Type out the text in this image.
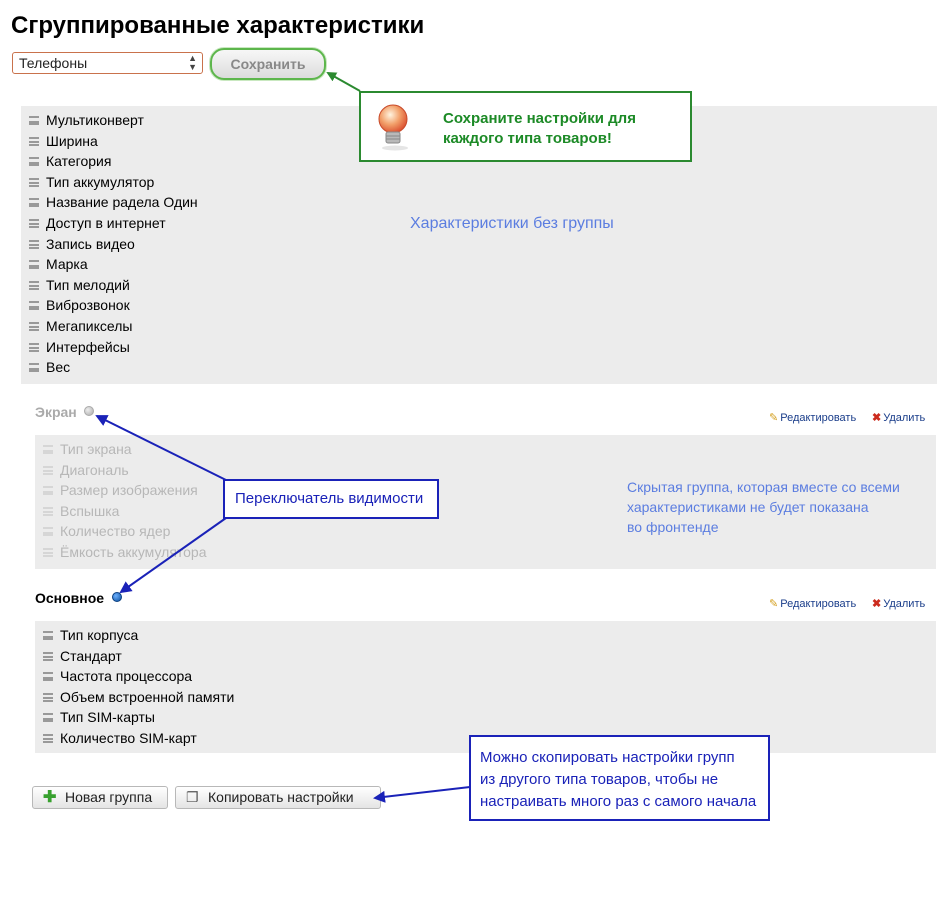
Сгруппированные характеристики
Телефоны	▲
▼	Сохранить
Мультиконверт
Ширина
Категория
Тип аккумулятор
Название радела Один
Доступ в интернет
Запись видео
Марка
Тип мелодий
Виброзвонок
Мегапикселы
Интерфейсы
Вес
Характеристики без группы
Экран	✎ Редактировать ✖ Удалить
Тип экрана
Диагональ
Размер изображения
Вспышка
Количество ядер
Ёмкость аккумулятора
Скрытая группа, которая вместе со всеми
характеристиками не будет показана
во фронтенде
Основное	✎ Редактировать ✖ Удалить
Тип корпуса
Стандарт
Частота процессора
Объем встроенной памяти
Тип SIM-карты
Количество SIM-карт
✚ Новая группа	❐ Копировать настройки
Сохраните настройки для
каждого типа товаров!
Переключатель видимости
Можно скопировать настройки групп
из другого типа товаров, чтобы не
настраивать много раз с самого начала
